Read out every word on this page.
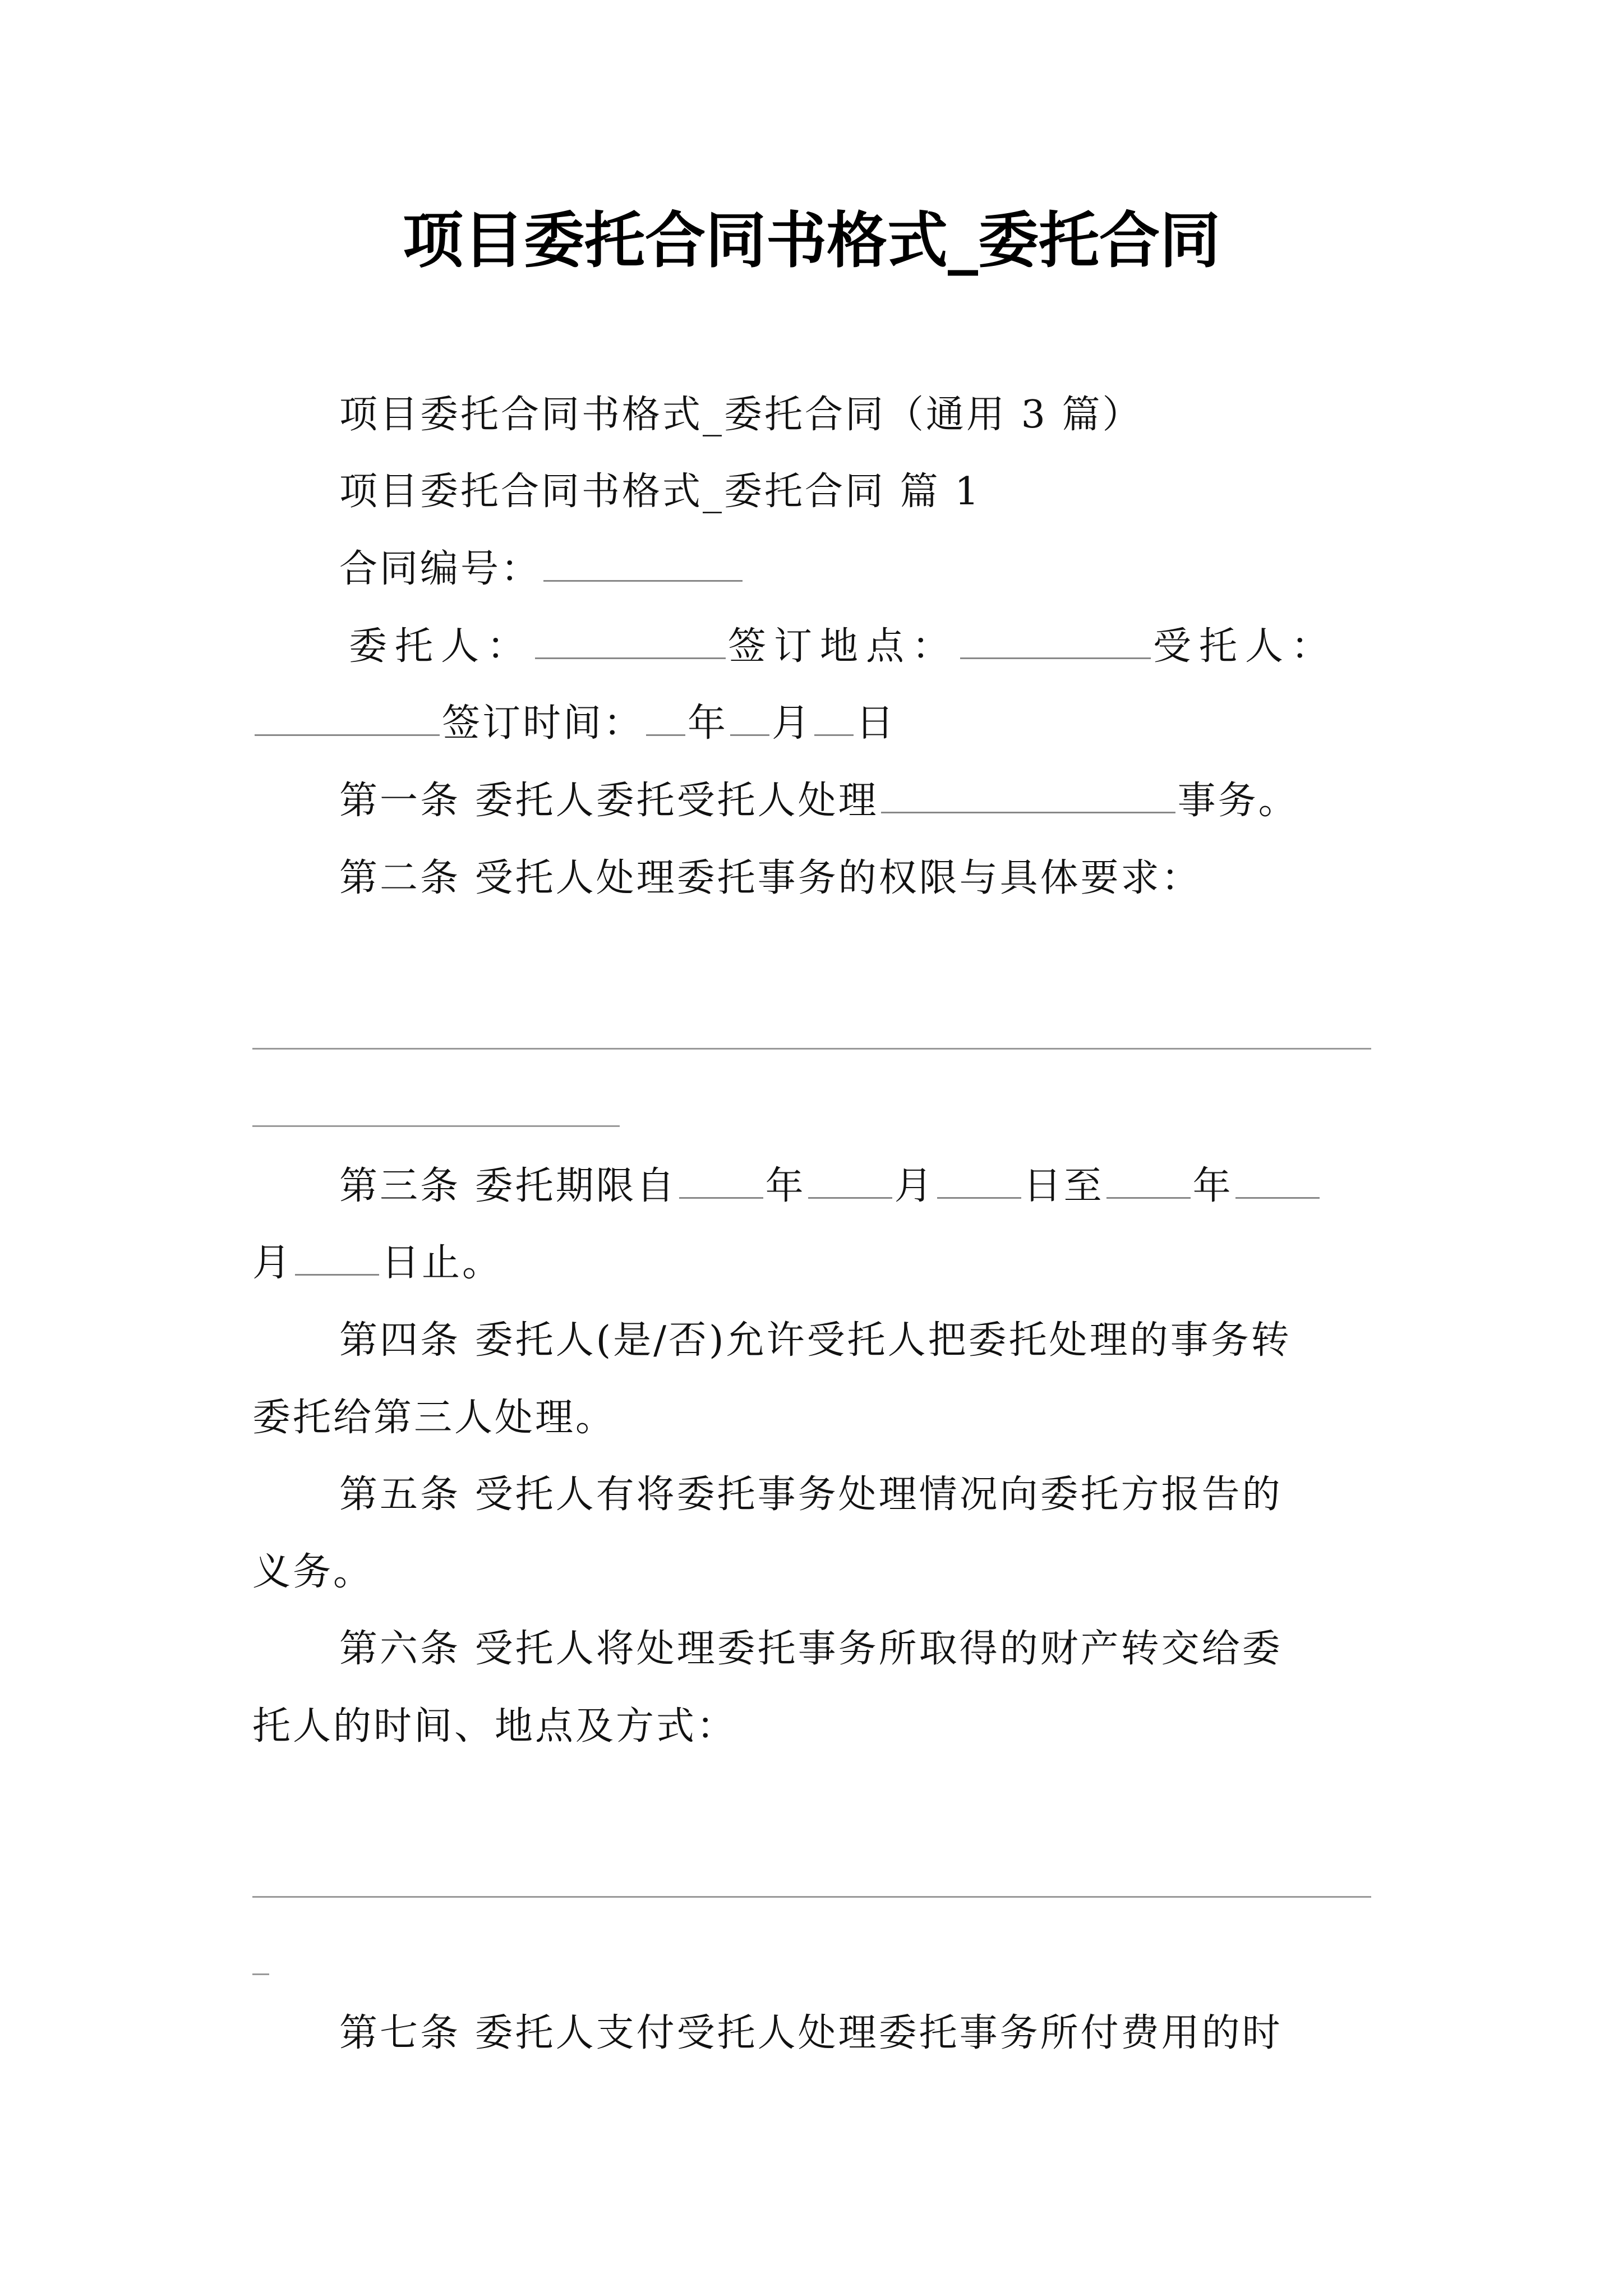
项目委托合同书格式_委托合同
项目委托合同书格式_委托合同（通用 3 篇）
项目委托合同书格式_委托合同 篇 1
合同编号：
委托人：	签订地点：	受托人：
签订时间： 年 月 日
第一条 委托人委托受托人处理	事务。
第二条 受托人处理委托事务的权限与具体要求：
第三条 委托期限自 年 月 日至 年
月 日止。
第四条 委托人(是/否)允许受托人把委托处理的事务转
委托给第三人处理。
第五条 受托人有将委托事务处理情况向委托方报告的
义务。
第六条 受托人将处理委托事务所取得的财产转交给委
托人的时间、地点及方式：
第七条 委托人支付受托人处理委托事务所付费用的时
